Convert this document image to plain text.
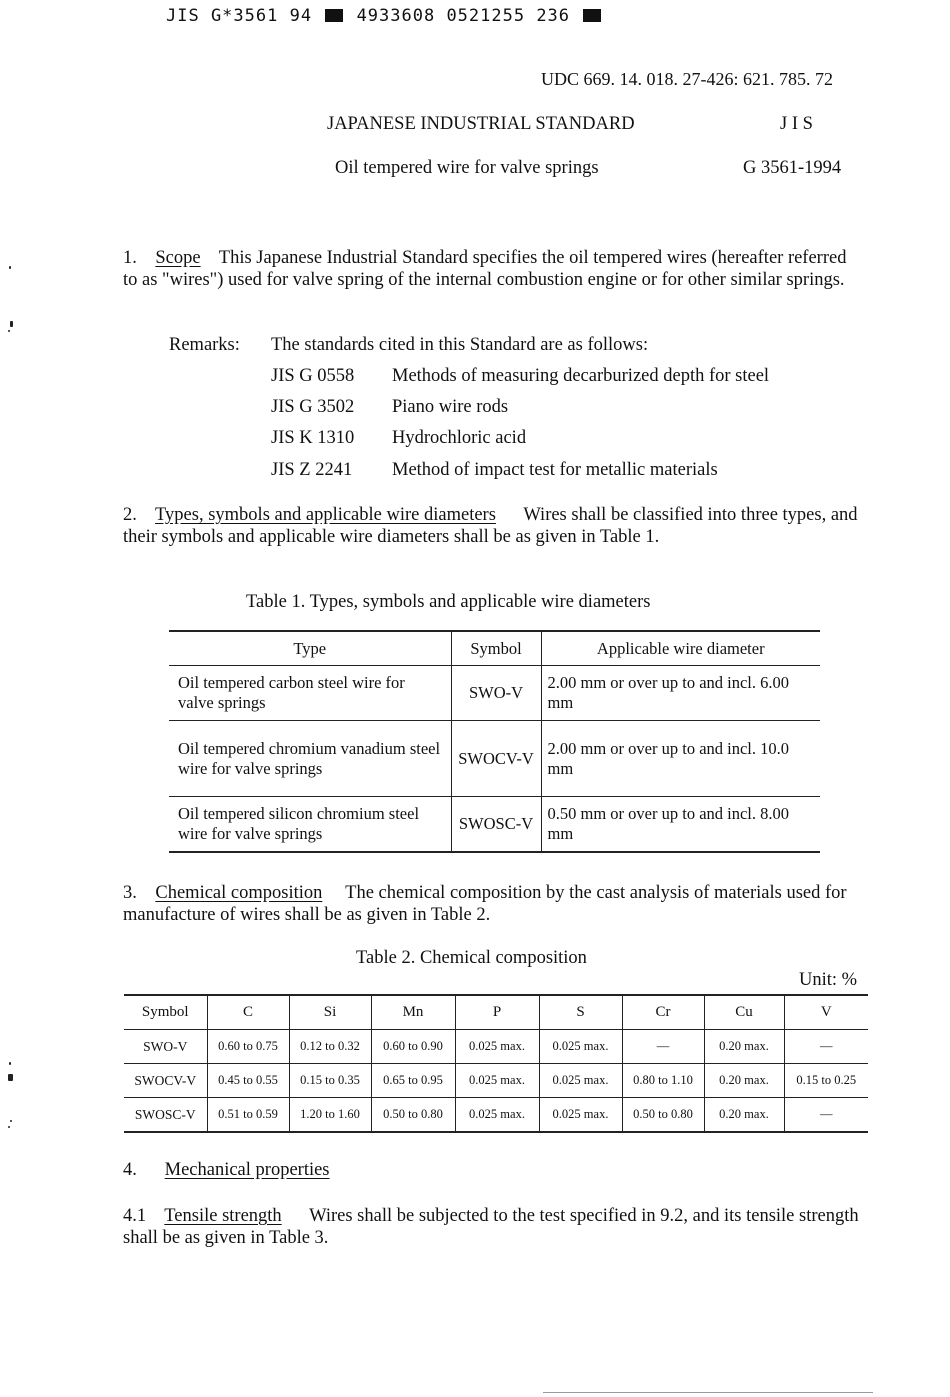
JIS G*3561 94	4933608 0521255 236
UDC 669. 14. 018. 27-426: 621. 785. 72
JAPANESE INDUSTRIAL STANDARD	J I S
Oil tempered wire for valve springs	G 3561-1994
1. Scope This Japanese Industrial Standard specifies the oil tempered wires (hereafter referred to as "wires") used for valve spring of the internal combustion engine or for other similar springs.
Remarks: The standards cited in this Standard are as follows:
JIS G 0558 Methods of measuring decarburized depth for steel
JIS G 3502 Piano wire rods
JIS K 1310 Hydrochloric acid
JIS Z 2241 Method of impact test for metallic materials
2. Types, symbols and applicable wire diameters Wires shall be classified into three types, and their symbols and applicable wire diameters shall be as given in Table 1.
Table 1. Types, symbols and applicable wire diameters
Type	Symbol	Applicable wire diameter
Oil tempered carbon steel wire for valve springs	SWO-V	2.00 mm or over up to and incl. 6.00 mm
Oil tempered chromium vanadium steel wire for valve springs	SWOCV-V	2.00 mm or over up to and incl. 10.0 mm
Oil tempered silicon chromium steel wire for valve springs	SWOSC-V	0.50 mm or over up to and incl. 8.00 mm
3. Chemical composition The chemical composition by the cast analysis of materials used for manufacture of wires shall be as given in Table 2.
Table 2. Chemical composition
Unit: %
Symbol	C	Si	Mn	P	S	Cr	Cu	V
SWO-V	0.60 to 0.75	0.12 to 0.32	0.60 to 0.90	0.025 max.	0.025 max.	—	0.20 max.	—
SWOCV-V	0.45 to 0.55	0.15 to 0.35	0.65 to 0.95	0.025 max.	0.025 max.	0.80 to 1.10	0.20 max.	0.15 to 0.25
SWOSC-V	0.51 to 0.59	1.20 to 1.60	0.50 to 0.80	0.025 max.	0.025 max.	0.50 to 0.80	0.20 max.	—
4. Mechanical properties
4.1 Tensile strength Wires shall be subjected to the test specified in 9.2, and its tensile strength shall be as given in Table 3.
